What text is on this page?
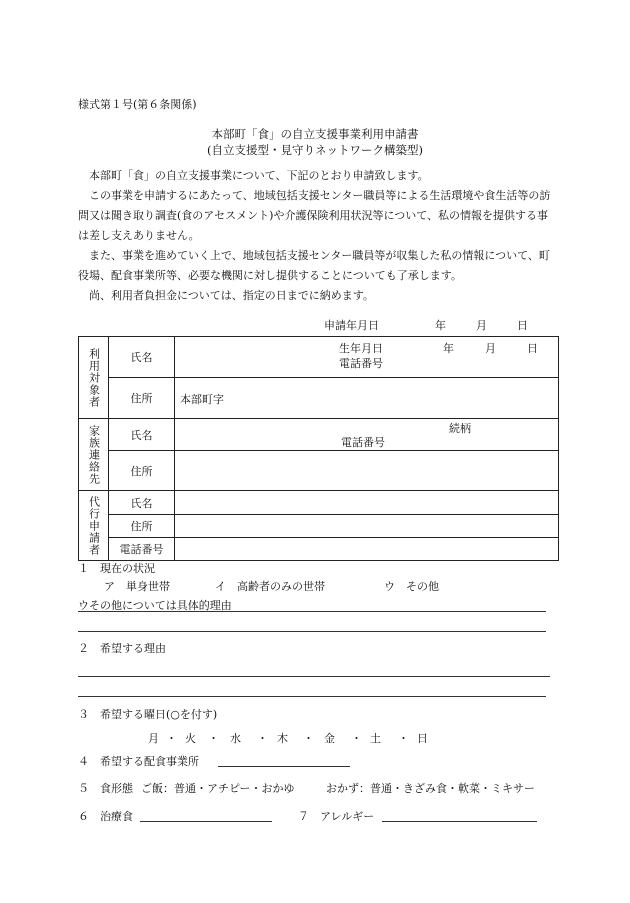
様式第１号(第６条関係)
本部町「食」の自立支援事業利用申請書
(自立支援型・見守りネットワーク構築型)
本部町「食」の自立支援事業について、下記のとおり申請致します。
この事業を申請するにあたって、地域包括支援センター職員等による生活環境や食生活等の訪問又は聞き取り調査(食のアセスメント)や介護保険利用状況等について、私の情報を提供する事は差し支えありません。
また、事業を進めていく上で、地域包括支援センター職員等が収集した私の情報について、町役場、配食事業所等、必要な機関に対し提供することについても了承します。
尚、利用者負担金については、指定の日までに納めます。
申請年月日	年	月	日
利用対象者	氏名	生年月日 年 月 日
電話番号

	住所	本部町字

家族連絡先	氏名	続柄
電話番号

	住所	

代行申請者	氏名	
	住所	
	電話番号	
１　現在の状況
ア　単身世帯	イ　高齢者のみの世帯	ウ　その他
ウその他については具体的理由
２　希望する理由
３　希望する曜日(○を付す)
月 ・ 火 ・ 水 ・ 木 ・ 金 ・ 土 ・ 日
４　希望する配食事業所
５　食形態 ご飯：普通・アチピー・おかゆ	おかず：普通・きざみ食・軟菜・ミキサー
６　治療食	７　アレルギー
